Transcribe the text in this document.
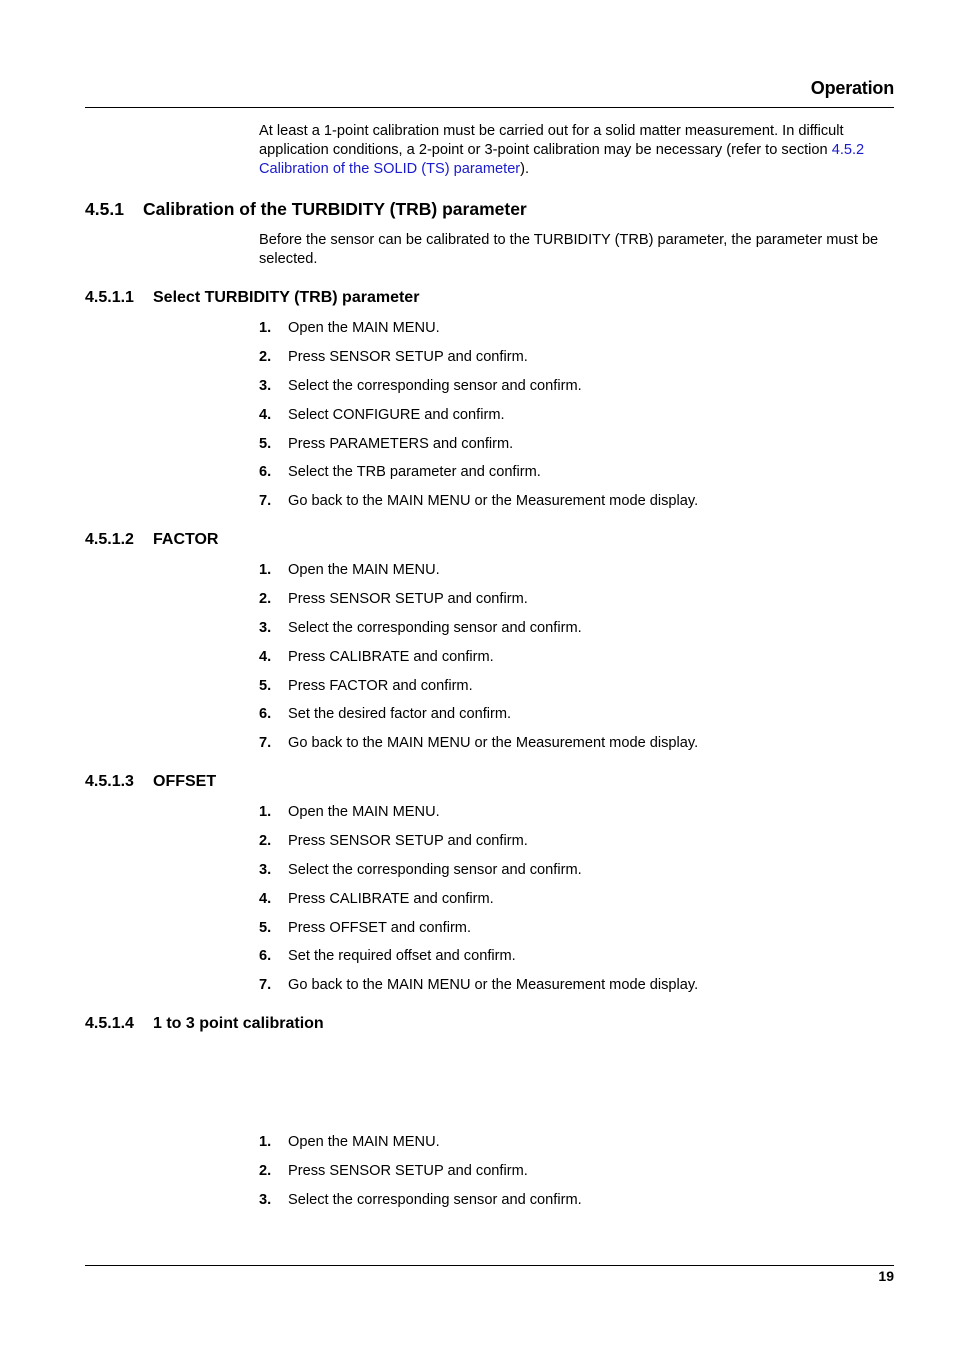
Operation
At least a 1-point calibration must be carried out for a solid matter measurement. In difficult application conditions, a 2-point or 3-point calibration may be necessary (refer to section 4.5.2 Calibration of the SOLID (TS) parameter).
4.5.1 Calibration of the TURBIDITY (TRB) parameter
Before the sensor can be calibrated to the TURBIDITY (TRB) parameter, the parameter must be selected.
4.5.1.1 Select TURBIDITY (TRB) parameter
1. Open the MAIN MENU.
2. Press SENSOR SETUP and confirm.
3. Select the corresponding sensor and confirm.
4. Select CONFIGURE and confirm.
5. Press PARAMETERS and confirm.
6. Select the TRB parameter and confirm.
7. Go back to the MAIN MENU or the Measurement mode display.
4.5.1.2 FACTOR
1. Open the MAIN MENU.
2. Press SENSOR SETUP and confirm.
3. Select the corresponding sensor and confirm.
4. Press CALIBRATE and confirm.
5. Press FACTOR and confirm.
6. Set the desired factor and confirm.
7. Go back to the MAIN MENU or the Measurement mode display.
4.5.1.3 OFFSET
1. Open the MAIN MENU.
2. Press SENSOR SETUP and confirm.
3. Select the corresponding sensor and confirm.
4. Press CALIBRATE and confirm.
5. Press OFFSET and confirm.
6. Set the required offset and confirm.
7. Go back to the MAIN MENU or the Measurement mode display.
4.5.1.4 1 to 3 point calibration
1. Open the MAIN MENU.
2. Press SENSOR SETUP and confirm.
3. Select the corresponding sensor and confirm.
19
